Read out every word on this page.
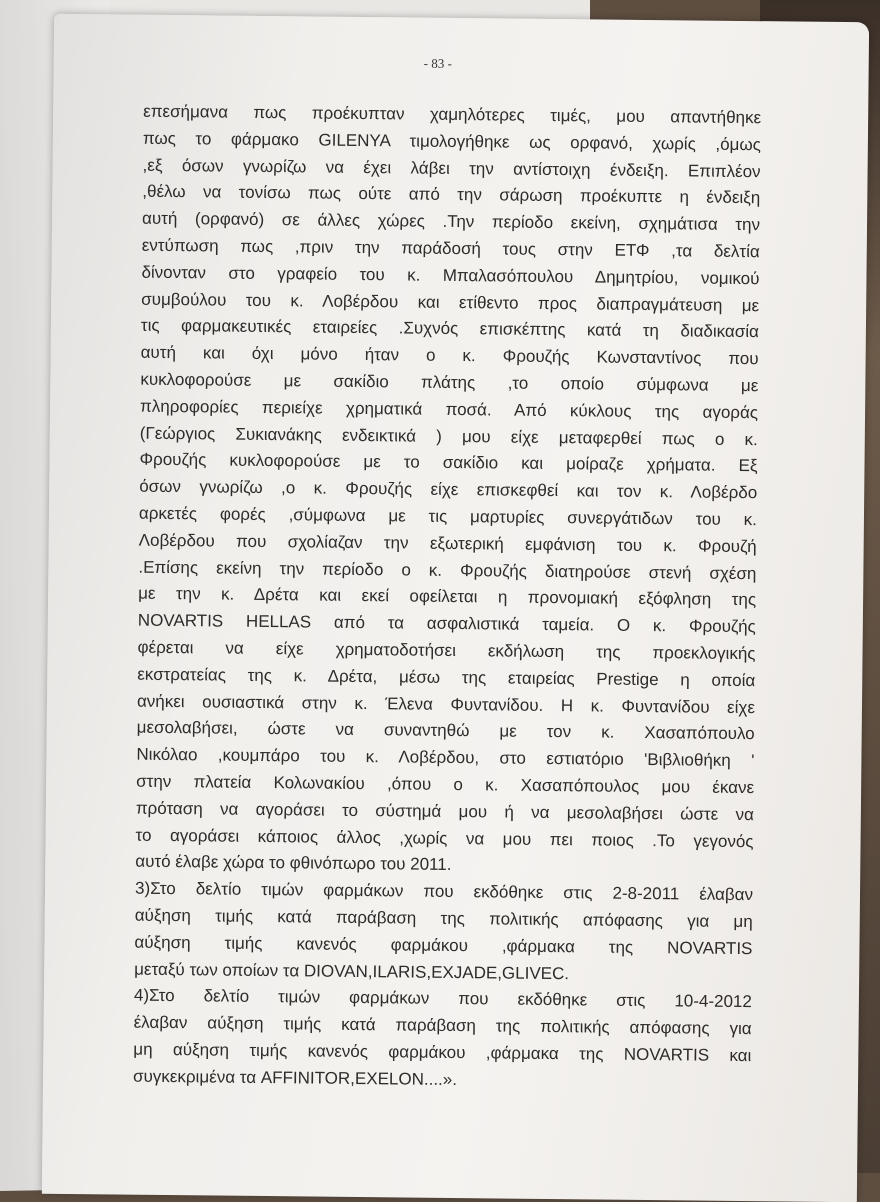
- 83 -
επεσήμανα πως προέκυπταν χαμηλότερες τιμές, μου απαντήθηκε
πως το φάρμακο GILENYA τιμολογήθηκε ως ορφανό, χωρίς ,όμως
,εξ όσων γνωρίζω να έχει λάβει την αντίστοιχη ένδειξη. Επιπλέον
,θέλω να τονίσω πως ούτε από την σάρωση προέκυπτε η ένδειξη
αυτή (ορφανό) σε άλλες χώρες .Την περίοδο εκείνη, σχημάτισα την
εντύπωση πως ,πριν την παράδοσή τους στην ΕΤΦ ,τα δελτία
δίνονταν στο γραφείο του κ. Μπαλασόπουλου Δημητρίου, νομικού
συμβούλου του κ. Λοβέρδου και ετίθεντο προς διαπραγμάτευση με
τις φαρμακευτικές εταιρείες .Συχνός επισκέπτης κατά τη διαδικασία
αυτή και όχι μόνο ήταν ο κ. Φρουζής Κωνσταντίνος που
κυκλοφορούσε με σακίδιο πλάτης ,το οποίο σύμφωνα με
πληροφορίες περιείχε χρηματικά ποσά. Από κύκλους της αγοράς
(Γεώργιος Συκιανάκης ενδεικτικά ) μου είχε μεταφερθεί πως ο κ.
Φρουζής κυκλοφορούσε με το σακίδιο και μοίραζε χρήματα. Εξ
όσων γνωρίζω ,ο κ. Φρουζής είχε επισκεφθεί και τον κ. Λοβέρδο
αρκετές φορές ,σύμφωνα με τις μαρτυρίες συνεργάτιδων του κ.
Λοβέρδου που σχολίαζαν την εξωτερική εμφάνιση του κ. Φρουζή
.Επίσης εκείνη την περίοδο ο κ. Φρουζής διατηρούσε στενή σχέση
με την κ. Δρέτα και εκεί οφείλεται η προνομιακή εξόφληση της
NOVARTIS HELLAS από τα ασφαλιστικά ταμεία. Ο κ. Φρουζής
φέρεται να είχε χρηματοδοτήσει εκδήλωση της προεκλογικής
εκστρατείας της κ. Δρέτα, μέσω της εταιρείας Prestige η οποία
ανήκει ουσιαστικά στην κ. Έλενα Φυντανίδου. Η κ. Φυντανίδου είχε
μεσολαβήσει, ώστε να συναντηθώ με τον κ. Χασαπόπουλο
Νικόλαο ,κουμπάρο του κ. Λοβέρδου, στο εστιατόριο 'Βιβλιοθήκη '
στην πλατεία Κολωνακίου ,όπου ο κ. Χασαπόπουλος μου έκανε
πρόταση να αγοράσει το σύστημά μου ή να μεσολαβήσει ώστε να
το αγοράσει κάποιος άλλος ,χωρίς να μου πει ποιος .Το γεγονός
αυτό έλαβε χώρα το φθινόπωρο του 2011.
3)Στο δελτίο τιμών φαρμάκων που εκδόθηκε στις 2-8-2011 έλαβαν
αύξηση τιμής κατά παράβαση της πολιτικής απόφασης για μη
αύξηση τιμής κανενός φαρμάκου ,φάρμακα της NOVARTIS
μεταξύ των οποίων τα DIOVAN,ILARIS,EXJADE,GLIVEC.
4)Στο δελτίο τιμών φαρμάκων που εκδόθηκε στις 10-4-2012
έλαβαν αύξηση τιμής κατά παράβαση της πολιτικής απόφασης για
μη αύξηση τιμής κανενός φαρμάκου ,φάρμακα της NOVARTIS και
συγκεκριμένα τα AFFINITOR,EXELON....».
